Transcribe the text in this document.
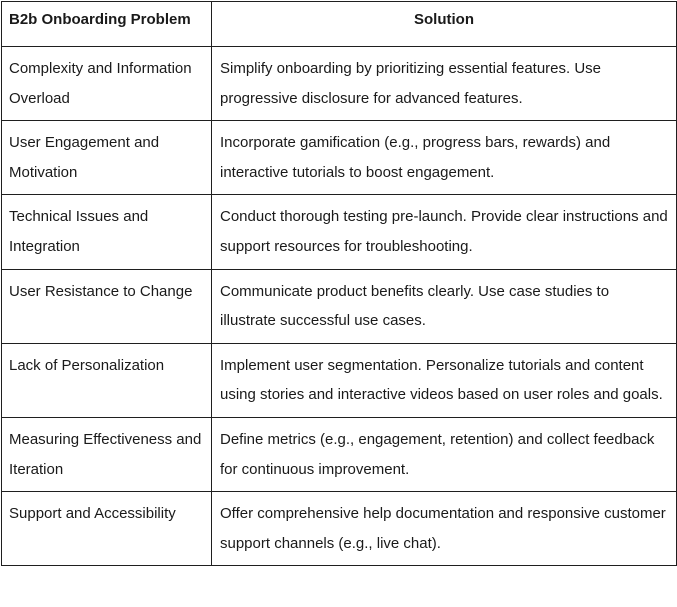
B2b Onboarding Problem	Solution
Complexity and Information Overload	Simplify onboarding by prioritizing essential features. Use progressive disclosure for advanced features.
User Engagement and Motivation	Incorporate gamification (e.g., progress bars, rewards) and interactive tutorials to boost engagement.
Technical Issues and Integration	Conduct thorough testing pre-launch. Provide clear instructions and support resources for troubleshooting.
User Resistance to Change	Communicate product benefits clearly. Use case studies to illustrate successful use cases.
Lack of Personalization	Implement user segmentation. Personalize tutorials and content using stories and interactive videos based on user roles and goals.
Measuring Effectiveness and Iteration	Define metrics (e.g., engagement, retention) and collect feedback for continuous improvement.
Support and Accessibility	Offer comprehensive help documentation and responsive customer support channels (e.g., live chat).
